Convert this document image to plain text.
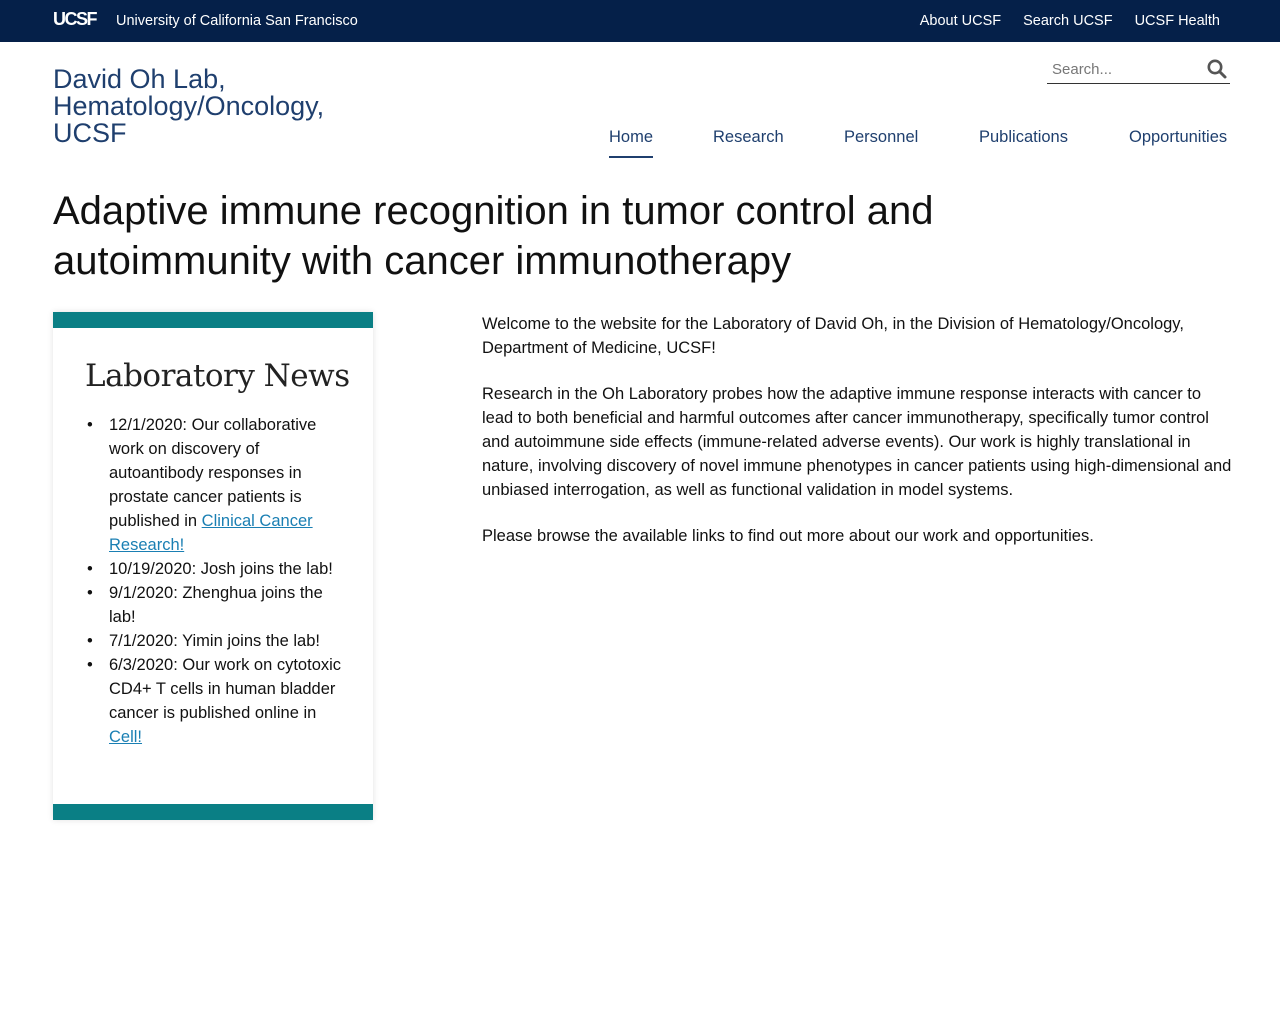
UCSF University of California San Francisco	About UCSF Search UCSF UCSF Health
David Oh Lab,
Hematology/Oncology,
UCSF
Search...	Home	Research	Personnel	Publications	Opportunities
Adaptive immune recognition in tumor control and autoimmunity with cancer immunotherapy
Laboratory News
• 12/1/2020: Our collaborative work on discovery of autoantibody responses in prostate cancer patients is published in Clinical Cancer Research!
• 10/19/2020: Josh joins the lab!
• 9/1/2020: Zhenghua joins the lab!
• 7/1/2020: Yimin joins the lab!
• 6/3/2020: Our work on cytotoxic CD4+ T cells in human bladder cancer is published online in Cell!

Welcome to the website for the Laboratory of David Oh, in the Division of Hematology/Oncology, Department of Medicine, UCSF!

Research in the Oh Laboratory probes how the adaptive immune response interacts with cancer to lead to both beneficial and harmful outcomes after cancer immunotherapy, specifically tumor control and autoimmune side effects (immune-related adverse events). Our work is highly translational in nature, involving discovery of novel immune phenotypes in cancer patients using high-dimensional and unbiased interrogation, as well as functional validation in model systems.

Please browse the available links to find out more about our work and opportunities.
